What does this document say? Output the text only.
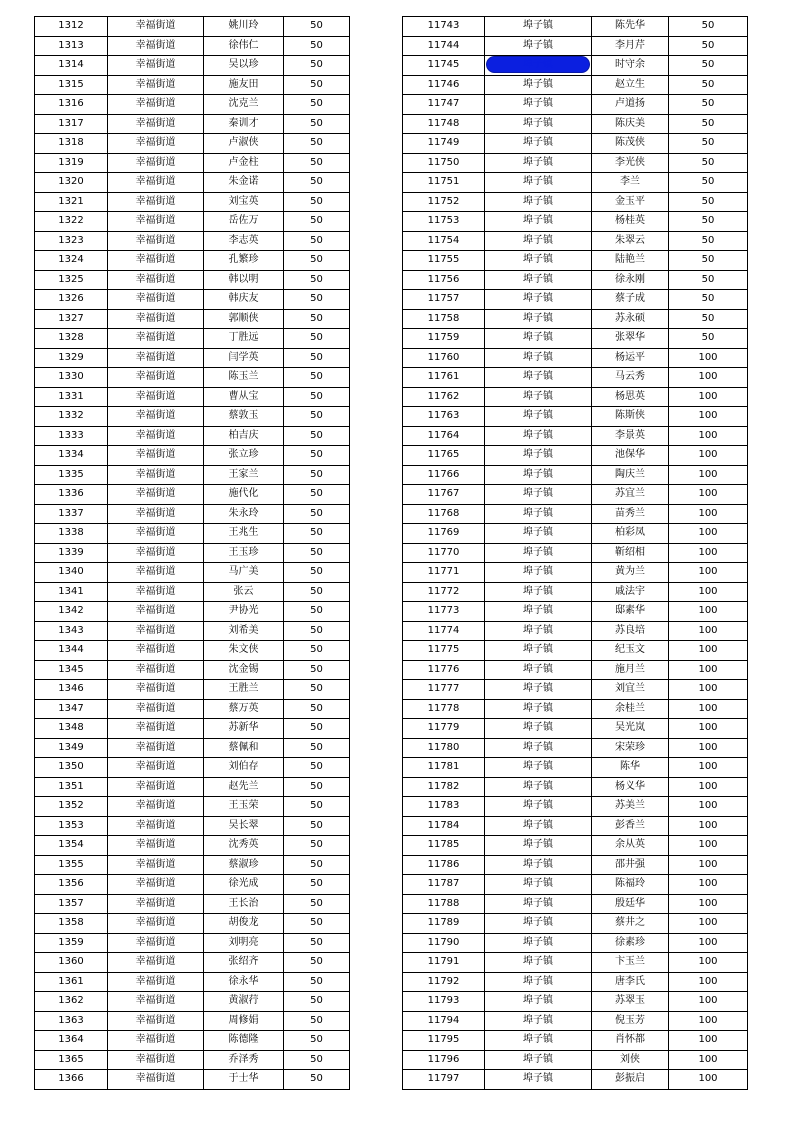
1312	幸福街道	姚川玲	50
1313	幸福街道	徐伟仁	50
1314	幸福街道	吴以珍	50
1315	幸福街道	施友田	50
1316	幸福街道	沈克兰	50
1317	幸福街道	秦训才	50
1318	幸福街道	卢淑侠	50
1319	幸福街道	卢金柱	50
1320	幸福街道	朱金诺	50
1321	幸福街道	刘宝英	50
1322	幸福街道	岳佐万	50
1323	幸福街道	李志英	50
1324	幸福街道	孔繁珍	50
1325	幸福街道	韩以明	50
1326	幸福街道	韩庆友	50
1327	幸福街道	郭顺侠	50
1328	幸福街道	丁胜远	50
1329	幸福街道	闫学英	50
1330	幸福街道	陈玉兰	50
1331	幸福街道	曹从宝	50
1332	幸福街道	蔡敦玉	50
1333	幸福街道	柏吉庆	50
1334	幸福街道	张立珍	50
1335	幸福街道	王家兰	50
1336	幸福街道	施代化	50
1337	幸福街道	朱永玲	50
1338	幸福街道	王兆生	50
1339	幸福街道	王玉珍	50
1340	幸福街道	马广美	50
1341	幸福街道	张云	50
1342	幸福街道	尹协光	50
1343	幸福街道	刘希美	50
1344	幸福街道	朱文侠	50
1345	幸福街道	沈金锡	50
1346	幸福街道	王胜兰	50
1347	幸福街道	蔡万英	50
1348	幸福街道	苏新华	50
1349	幸福街道	蔡佩和	50
1350	幸福街道	刘伯存	50
1351	幸福街道	赵先兰	50
1352	幸福街道	王玉荣	50
1353	幸福街道	吴长翠	50
1354	幸福街道	沈秀英	50
1355	幸福街道	蔡淑珍	50
1356	幸福街道	徐光成	50
1357	幸福街道	王长治	50
1358	幸福街道	胡俊龙	50
1359	幸福街道	刘明亮	50
1360	幸福街道	张绍齐	50
1361	幸福街道	徐永华	50
1362	幸福街道	黄淑荇	50
1363	幸福街道	周修娟	50
1364	幸福街道	陈德隆	50
1365	幸福街道	乔泽秀	50
1366	幸福街道	于士华	50
11743	埠子镇	陈先华	50
11744	埠子镇	李月芹	50
11745	埠子镇	时守余	50
11746	埠子镇	赵立生	50
11747	埠子镇	卢道扬	50
11748	埠子镇	陈庆美	50
11749	埠子镇	陈茂侠	50
11750	埠子镇	李光侠	50
11751	埠子镇	李兰	50
11752	埠子镇	金玉平	50
11753	埠子镇	杨桂英	50
11754	埠子镇	朱翠云	50
11755	埠子镇	陆艳兰	50
11756	埠子镇	徐永刚	50
11757	埠子镇	蔡子成	50
11758	埠子镇	苏永硕	50
11759	埠子镇	张翠华	50
11760	埠子镇	杨运平	100
11761	埠子镇	马云秀	100
11762	埠子镇	杨思英	100
11763	埠子镇	陈斯侠	100
11764	埠子镇	李景英	100
11765	埠子镇	池保华	100
11766	埠子镇	陶庆兰	100
11767	埠子镇	苏宜兰	100
11768	埠子镇	苗秀兰	100
11769	埠子镇	柏彩凤	100
11770	埠子镇	靳绍相	100
11771	埠子镇	黄为兰	100
11772	埠子镇	戚法宇	100
11773	埠子镇	邸素华	100
11774	埠子镇	苏良培	100
11775	埠子镇	纪玉文	100
11776	埠子镇	施月兰	100
11777	埠子镇	刘宜兰	100
11778	埠子镇	余桂兰	100
11779	埠子镇	吴光岚	100
11780	埠子镇	宋荣珍	100
11781	埠子镇	陈华	100
11782	埠子镇	杨义华	100
11783	埠子镇	苏美兰	100
11784	埠子镇	彭香兰	100
11785	埠子镇	余从英	100
11786	埠子镇	邵井强	100
11787	埠子镇	陈福玲	100
11788	埠子镇	殷廷华	100
11789	埠子镇	蔡井之	100
11790	埠子镇	徐素珍	100
11791	埠子镇	卞玉兰	100
11792	埠子镇	唐李氏	100
11793	埠子镇	苏翠玉	100
11794	埠子镇	倪玉芳	100
11795	埠子镇	肖怀都	100
11796	埠子镇	刘侠	100
11797	埠子镇	彭振启	100
